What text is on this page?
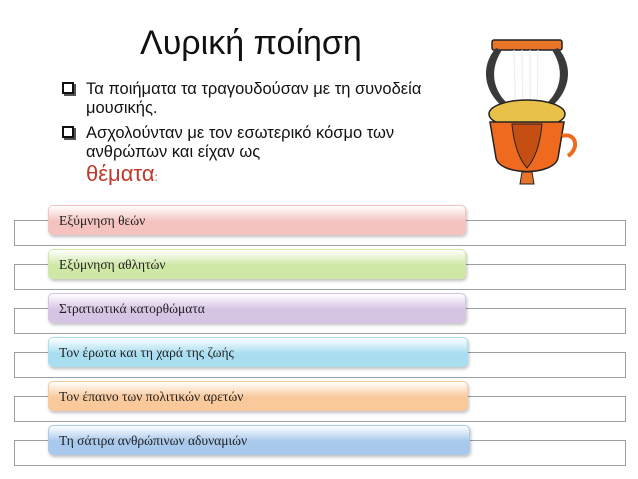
Λυρική ποίηση
Τα ποιήματα τα τραγουδούσαν με τη συνοδεία μουσικής.
Ασχολούνταν με τον εσωτερικό κόσμο των ανθρώπων και είχαν ως
θέματα:
Εξύμνηση θεών
Εξύμνηση αθλητών
Στρατιωτικά κατορθώματα
Τον έρωτα και τη χαρά της ζωής
Τον έπαινο των πολιτικών αρετών
Τη σάτιρα ανθρώπινων αδυναμιών
